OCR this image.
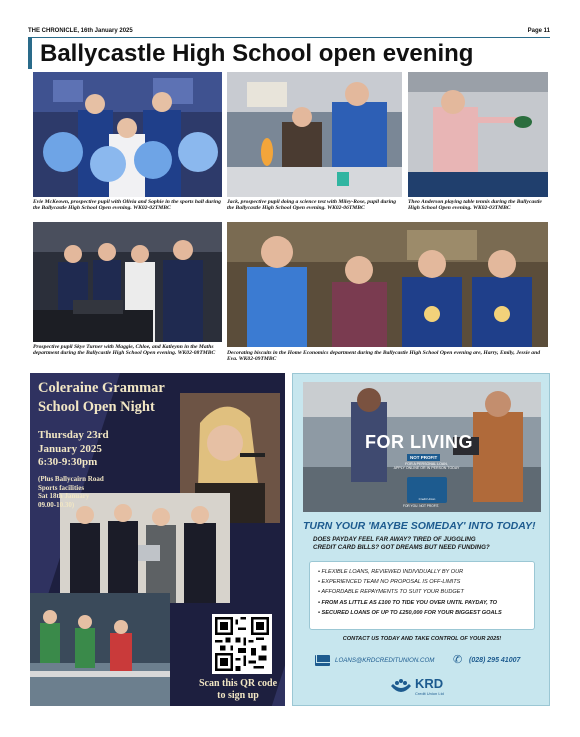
THE CHRONICLE, 16th January 2025	Page 11
Ballycastle High School open evening
Evie McKeown, prospective pupil with Olivia and Sophie in the sports hall during the Ballycastle High School Open evening. WK02-02TMBC
Jack, prospective pupil doing a science test with Miley-Rose, pupil during the Ballycastle High School Open evening. WK02-06TMBC
Theo Anderson playing table tennis during the Ballycastle High School Open evening. WK02-03TMBC
Prospective pupil Skye Turner with Maggie, Chloe, and Katleynn in the Maths department during the Ballycastle High School Open evening. WK02-08TMBC	Decorating biscuits in the Home Economics department during the Ballycastle High School Open evening are, Harry, Emily, Jessie and Eva. WK02-09TMBC
Coleraine Grammar
School Open Night
Thursday 23rd
January 2025
6:30-9:30pm
(Plus Ballycairn Road
Sports facilities
Sat 18th January
09.00-10.30)
Scan this QR code
to sign up
FOR LIVING
NOT PROFIT
FOR A PERSONAL LOAN,
APPLY ONLINE OR IN PERSON TODAY
Credit Union
FOR YOU. NOT PROFIT.
TURN YOUR 'MAYBE SOMEDAY' INTO TODAY!
DOES PAYDAY FEEL FAR AWAY? TIRED OF JUGGLING
CREDIT CARD BILLS? GOT DREAMS BUT NEED FUNDING?
• FLEXIBLE LOANS, REVIEWED INDIVIDUALLY BY OUR
• EXPERIENCED TEAM NO PROPOSAL IS OFF-LIMITS
• AFFORDABLE REPAYMENTS TO SUIT YOUR BUDGET
• FROM AS LITTLE AS £100 TO TIDE YOU OVER UNTIL PAYDAY, TO
• SECURED LOANS OF UP TO £250,000 FOR YOUR BIGGEST GOALS
CONTACT US TODAY AND TAKE CONTROL OF YOUR 2025!
LOANS@KRDCREDITUNION.COM ✆ (028) 295 41007
KRD
Credit Union Ltd
